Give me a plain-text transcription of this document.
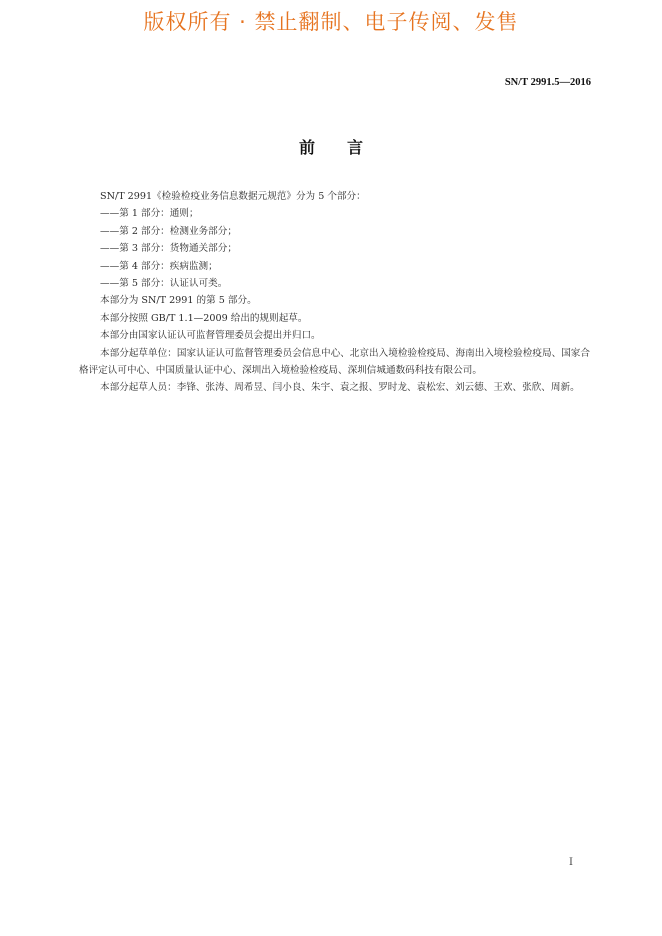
版权所有 · 禁止翻制、电子传阅、发售
SN/T 2991.5—2016
前　　言

SN/T 2991《检验检疫业务信息数据元规范》分为 5 个部分：

——第 1 部分：通则；

——第 2 部分：检测业务部分；

——第 3 部分：货物通关部分；

——第 4 部分：疾病监测；

——第 5 部分：认证认可类。

本部分为 SN/T 2991 的第 5 部分。

本部分按照 GB/T 1.1—2009 给出的规则起草。

本部分由国家认证认可监督管理委员会提出并归口。

本部分起草单位：国家认证认可监督管理委员会信息中心、北京出入境检验检疫局、海南出入境检验检疫局、国家合格评定认可中心、中国质量认证中心、深圳出入境检验检疫局、深圳信城通数码科技有限公司。

本部分起草人员：李锋、张涛、周希昱、闫小良、朱宇、袁之报、罗时龙、袁松宏、刘云德、王欢、张欣、周新。

I
